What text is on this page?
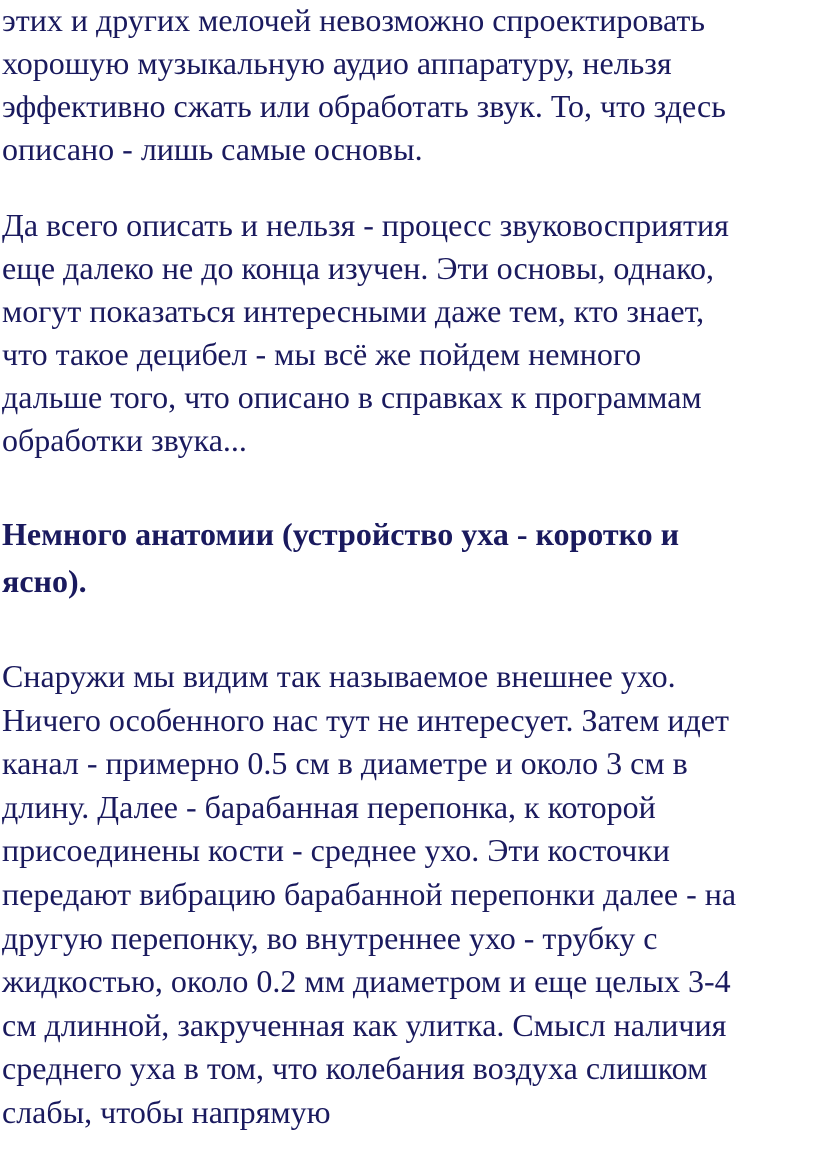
этих и других мелочей невозможно спроектировать
хорошую музыкальную аудио аппаратуру, нельзя
эффективно сжать или обработать звук. То, что здесь
описано - лишь самые основы.
Да всего описать и нельзя - процесс звуковосприятия
еще далеко не до конца изучен. Эти основы, однако,
могут показаться интересными даже тем, кто знает,
что такое децибел - мы всё же пойдем немного
дальше того, что описано в справках к программам
обработки звука...
Немного анатомии (устройство уха - коротко и
ясно).
Снаружи мы видим так называемое внешнее ухо.
Ничего особенного нас тут не интересует. Затем идет
канал - примерно 0.5 см в диаметре и около 3 см в
длину. Далее - барабанная перепонка, к которой
присоединены кости - среднее ухо. Эти косточки
передают вибрацию барабанной перепонки далее - на
другую перепонку, во внутреннее ухо - трубку с
жидкостью, около 0.2 мм диаметром и еще целых 3-4
см длинной, закрученная как улитка. Смысл наличия
среднего уха в том, что колебания воздуха слишком
слабы, чтобы напрямую
